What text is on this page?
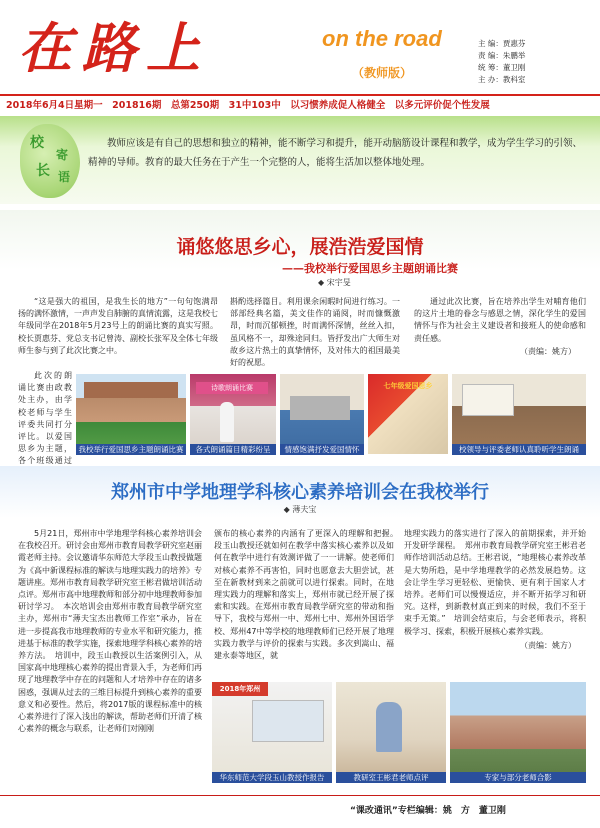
在路上	on the road
（教师版）
主 编：贾惠芬
责 编：朱鹏举
统 筹：董卫刚
主 办：教科室
2018年6月4日星期一　201816期　总第250期　31中103中　以习惯养成促人格健全　以多元评价促个性发展
校
长
寄
语
教师应该是有自己的思想和独立的精神，能不断学习和提升，能开动脑筋设计课程和教学，成为学生学习的引领、精神的导师。教育的最大任务在于产生一个完整的人，能将生活加以整体地处理。
诵悠悠思乡心，展浩浩爱国情
——我校举行爱国思乡主题朗诵比赛
◆ 宋宇旻
“这是强大的祖国，是我生长的地方”一句句饱满昂扬的满怀激情，一声声发自肺腑的真情流露，这是我校七年级同学在2018年5月23号上的朗诵比赛的真实写照。校长贾惠芬、党总支书记曾涛、副校长张军及全体七年级师生参与到了此次比赛之中。
此次的朗诵比赛由政教处主办，由学校老师与学生评委共同打分评比。以爱国思乡为主题，各个班级通过
斟酌选择篇目。利用课余闲暇时间进行练习。一部部经典名篇，美文佳作的诵阅，时而慷慨激昂，时而沉郁顿挫，时而满怀深情，丝丝入扣，虽风格不一，却殊途同归。皆抒发出广大师生对故乡这片热土的真挚情怀，及对伟大的祖国最美好的祝愿。
通过此次比赛，旨在培养出学生对哺育他们的这片土地的眷念与感恩之情，深化学生的爱国情怀与作为社会主义建设者和接班人的使命感和责任感。
（责编：姚方）
我校举行爱国思乡主题朗诵比赛
诗歌朗诵比赛
各式朗诵篇目精彩纷呈	情感饱满抒发爱国情怀
七年级爱国思乡
校领导与评委老师认真聆听学生朗诵
郑州市中学地理学科核心素养培训会在我校举行
◆ 薄夫宝
5月21日，郑州市中学地理学科核心素养培训会在我校召开。研讨会由郑州市教育局教学研究室赵丽霞老师主持。会议邀请华东师范大学段玉山教授做题为《高中新课程标准的解读与地理实践力的培养》专题讲座。郑州市教育局教学研究室王彬君做培训活动点评。郑州市高中地理教师和部分初中地理教师参加研讨学习。　本次培训会由郑州市教育局教学研究室主办，郑州市“薄夫宝杰出教师工作室”承办，旨在进一步提高我市地理教师的专业水平和研究能力，推进基于标准的教学实施，探索地理学科核心素养的培养方法。　培训中，段玉山教授以生活案例引入，从国家高中地理核心素养的提出背景入手，为老师们再现了地理教学中存在的问题和人才培养中存在的诸多困惑，强调从过去的三维目标提升到核心素养的重要意义和必要性。然后，将2017版的课程标准中的核心素养进行了深入浅出的解读，帮助老师们开清了核心素养的概念与联系，让老师们对刚刚
颁布的核心素养的内涵有了更深入的理解和把握。　段玉山教授还就如何在教学中落实核心素养以及如何在教学中进行有效测评做了一一讲解。使老师们对核心素养不再害怕，同时也愿意去大胆尝试，甚至在新教材到来之前就可以进行探索。同时，在地理实践力的理解和落实上，郑州市就已经开展了探索和实践。在郑州市教育局教学研究室的带动和指导下，我校与郑州一中、郑州七中、郑州外国语学校、郑州47中等学校的地理教师们已经开展了地理实践力教学与评价的探索与实践。多次到嵩山、福建永泰等地区，就
地理实践力的落实进行了深入的前期探索，并开始开发研学课程。　郑州市教育局教学研究室王彬君老师作培训活动总结。王彬君说，“地理核心素养改革是大势所趋，是中学地理教学的必然发展趋势。这会让学生学习更轻松、更愉快、更有利于国家人才培养。老师们可以慢慢适应，并不断开拓学习和研究。这样，到新教材真正到来的时候，我们不至于束手无策。”　培训会结束后，与会老师表示，将积极学习、探索，积极开展核心素养实践。
（责编：姚方）
2018年郑州
华东师范大学段玉山教授作报告	教研室王彬君老师点评	专家与部分老师合影
“课改通讯”专栏编辑：姚　方　董卫刚
